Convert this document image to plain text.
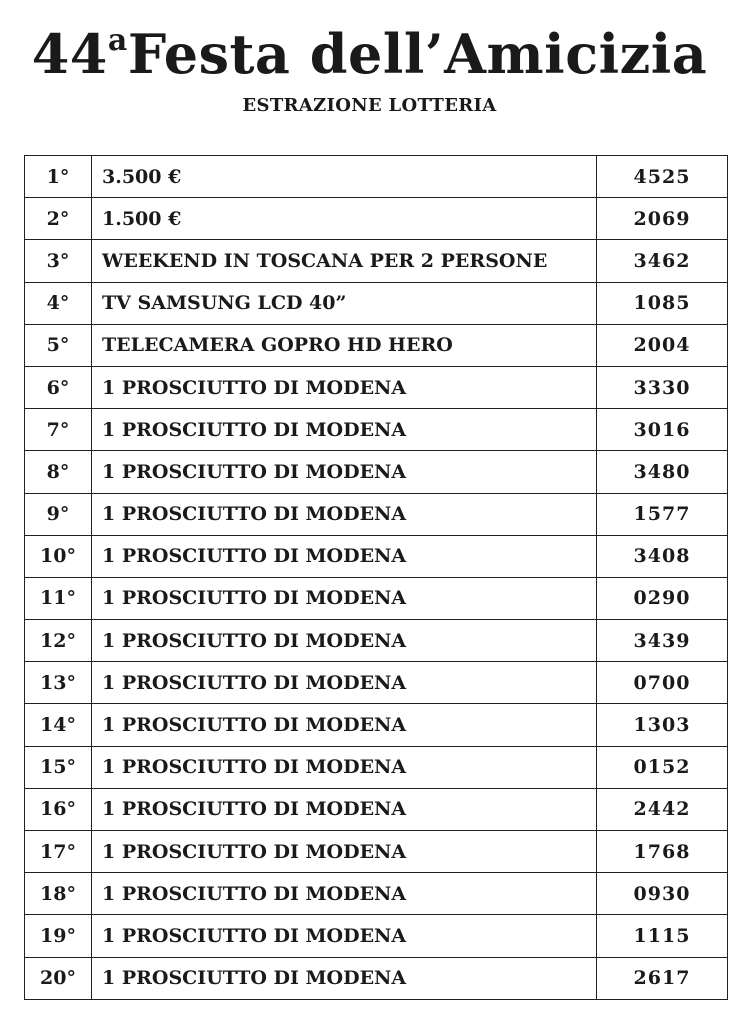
44$^a$Festa dell’Amicizia
ESTRAZIONE LOTTERIA
1°	3.500 €	4525
2°	1.500 €	2069
3°	WEEKEND IN TOSCANA PER 2 PERSONE	3462
4°	TV SAMSUNG LCD 40”	1085
5°	TELECAMERA GOPRO HD HERO	2004
6°	1 PROSCIUTTO DI MODENA	3330
7°	1 PROSCIUTTO DI MODENA	3016
8°	1 PROSCIUTTO DI MODENA	3480
9°	1 PROSCIUTTO DI MODENA	1577
10°	1 PROSCIUTTO DI MODENA	3408
11°	1 PROSCIUTTO DI MODENA	0290
12°	1 PROSCIUTTO DI MODENA	3439
13°	1 PROSCIUTTO DI MODENA	0700
14°	1 PROSCIUTTO DI MODENA	1303
15°	1 PROSCIUTTO DI MODENA	0152
16°	1 PROSCIUTTO DI MODENA	2442
17°	1 PROSCIUTTO DI MODENA	1768
18°	1 PROSCIUTTO DI MODENA	0930
19°	1 PROSCIUTTO DI MODENA	1115
20°	1 PROSCIUTTO DI MODENA	2617
